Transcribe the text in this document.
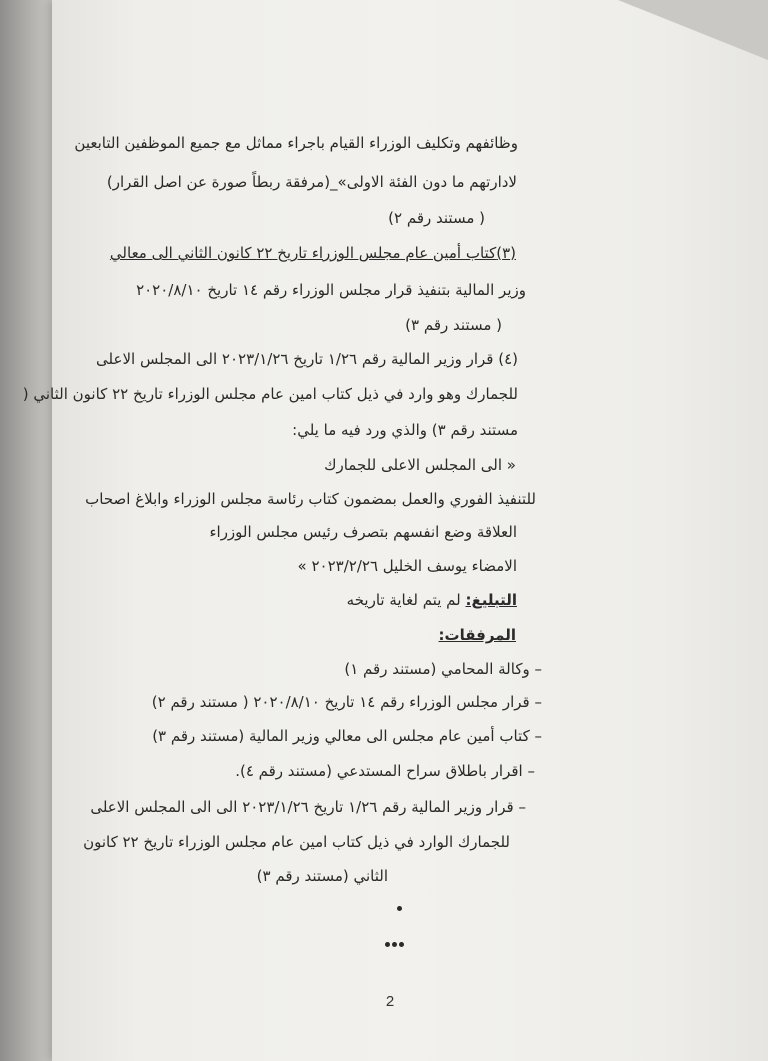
وظائفهم وتكليف الوزراء القيام باجراء مماثل مع جميع الموظفين التابعين
لادارتهم ما دون الفئة الاولى»_(مرفقة ربطاً صورة عن اصل القرار)
( مستند رقم ٢)
(٣)كتاب أمين عام مجلس الوزراء تاريخ ٢٢ كانون الثاني الى معالي
وزير المالية بتنفيذ قرار مجلس الوزراء رقم ١٤ تاريخ ٢٠٢٠/٨/١٠
( مستند رقم ٣)
(٤) قرار وزير المالية رقم ١/٢٦ تاريخ ٢٠٢٣/١/٢٦ الى المجلس الاعلى
للجمارك وهو وارد في ذيل كتاب امين عام مجلس الوزراء تاريخ ٢٢ كانون الثاني (
مستند رقم ٣) والذي ورد فيه ما يلي:
« الى المجلس الاعلى للجمارك
للتنفيذ الفوري والعمل بمضمون كتاب رئاسة مجلس الوزراء وابلاغ اصحاب
العلاقة وضع انفسهم بتصرف رئيس مجلس الوزراء
الامضاء يوسف الخليل ٢٠٢٣/٢/٢٦ »
التبليغ: لم يتم لغاية تاريخه
المرفقات:
– وكالة المحامي (مستند رقم ١)
– قرار مجلس الوزراء رقم ١٤ تاريخ ٢٠٢٠/٨/١٠ ( مستند رقم ٢)
– كتاب أمين عام مجلس الى معالي وزير المالية (مستند رقم ٣)
– اقرار باطلاق سراح المستدعي (مستند رقم ٤).
– قرار وزير المالية رقم ١/٢٦ تاريخ ٢٠٢٣/١/٢٦ الى الى المجلس الاعلى
للجمارك الوارد في ذيل كتاب امين عام مجلس الوزراء تاريخ ٢٢ كانون
الثاني (مستند رقم ٣)
2
